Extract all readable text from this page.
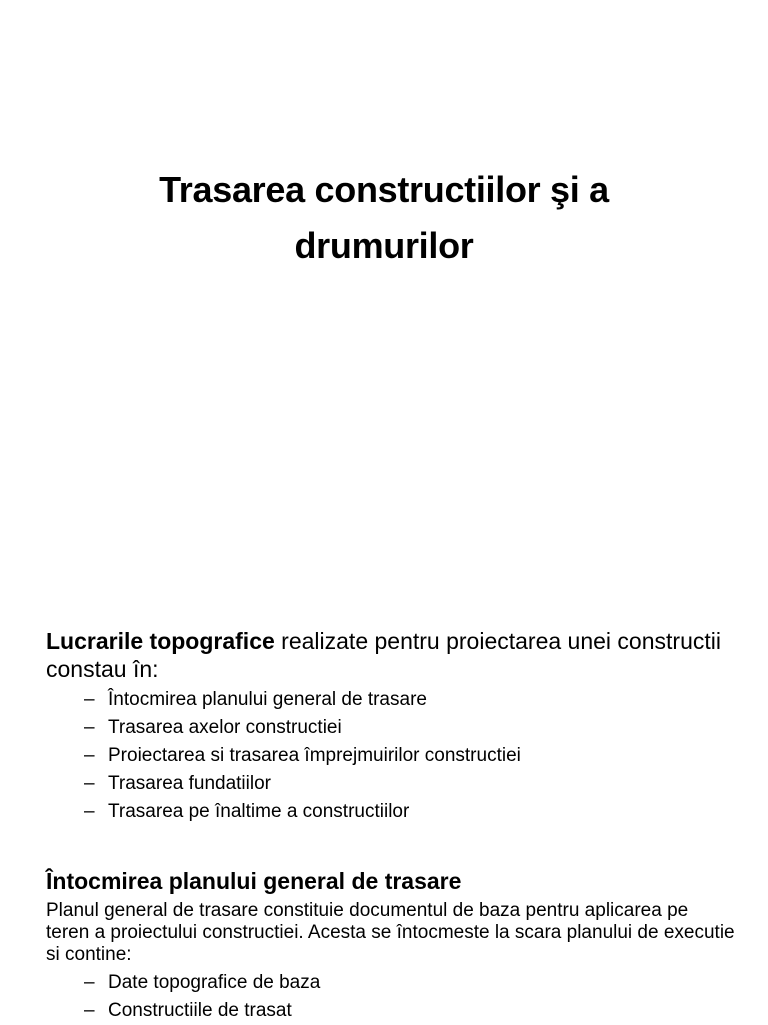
Trasarea constructiilor şi a
drumurilor
Lucrarile topografice realizate pentru proiectarea unei constructii constau în:
– Întocmirea planului general de trasare
– Trasarea axelor constructiei
– Proiectarea si trasarea împrejmuirilor constructiei
– Trasarea fundatiilor
– Trasarea pe înaltime a constructiilor
Întocmirea planului general de trasare
Planul general de trasare constituie documentul de baza pentru aplicarea pe teren a proiectului constructiei. Acesta se întocmeste la scara planului de executie si contine:
– Date topografice de baza
– Constructiile de trasat
